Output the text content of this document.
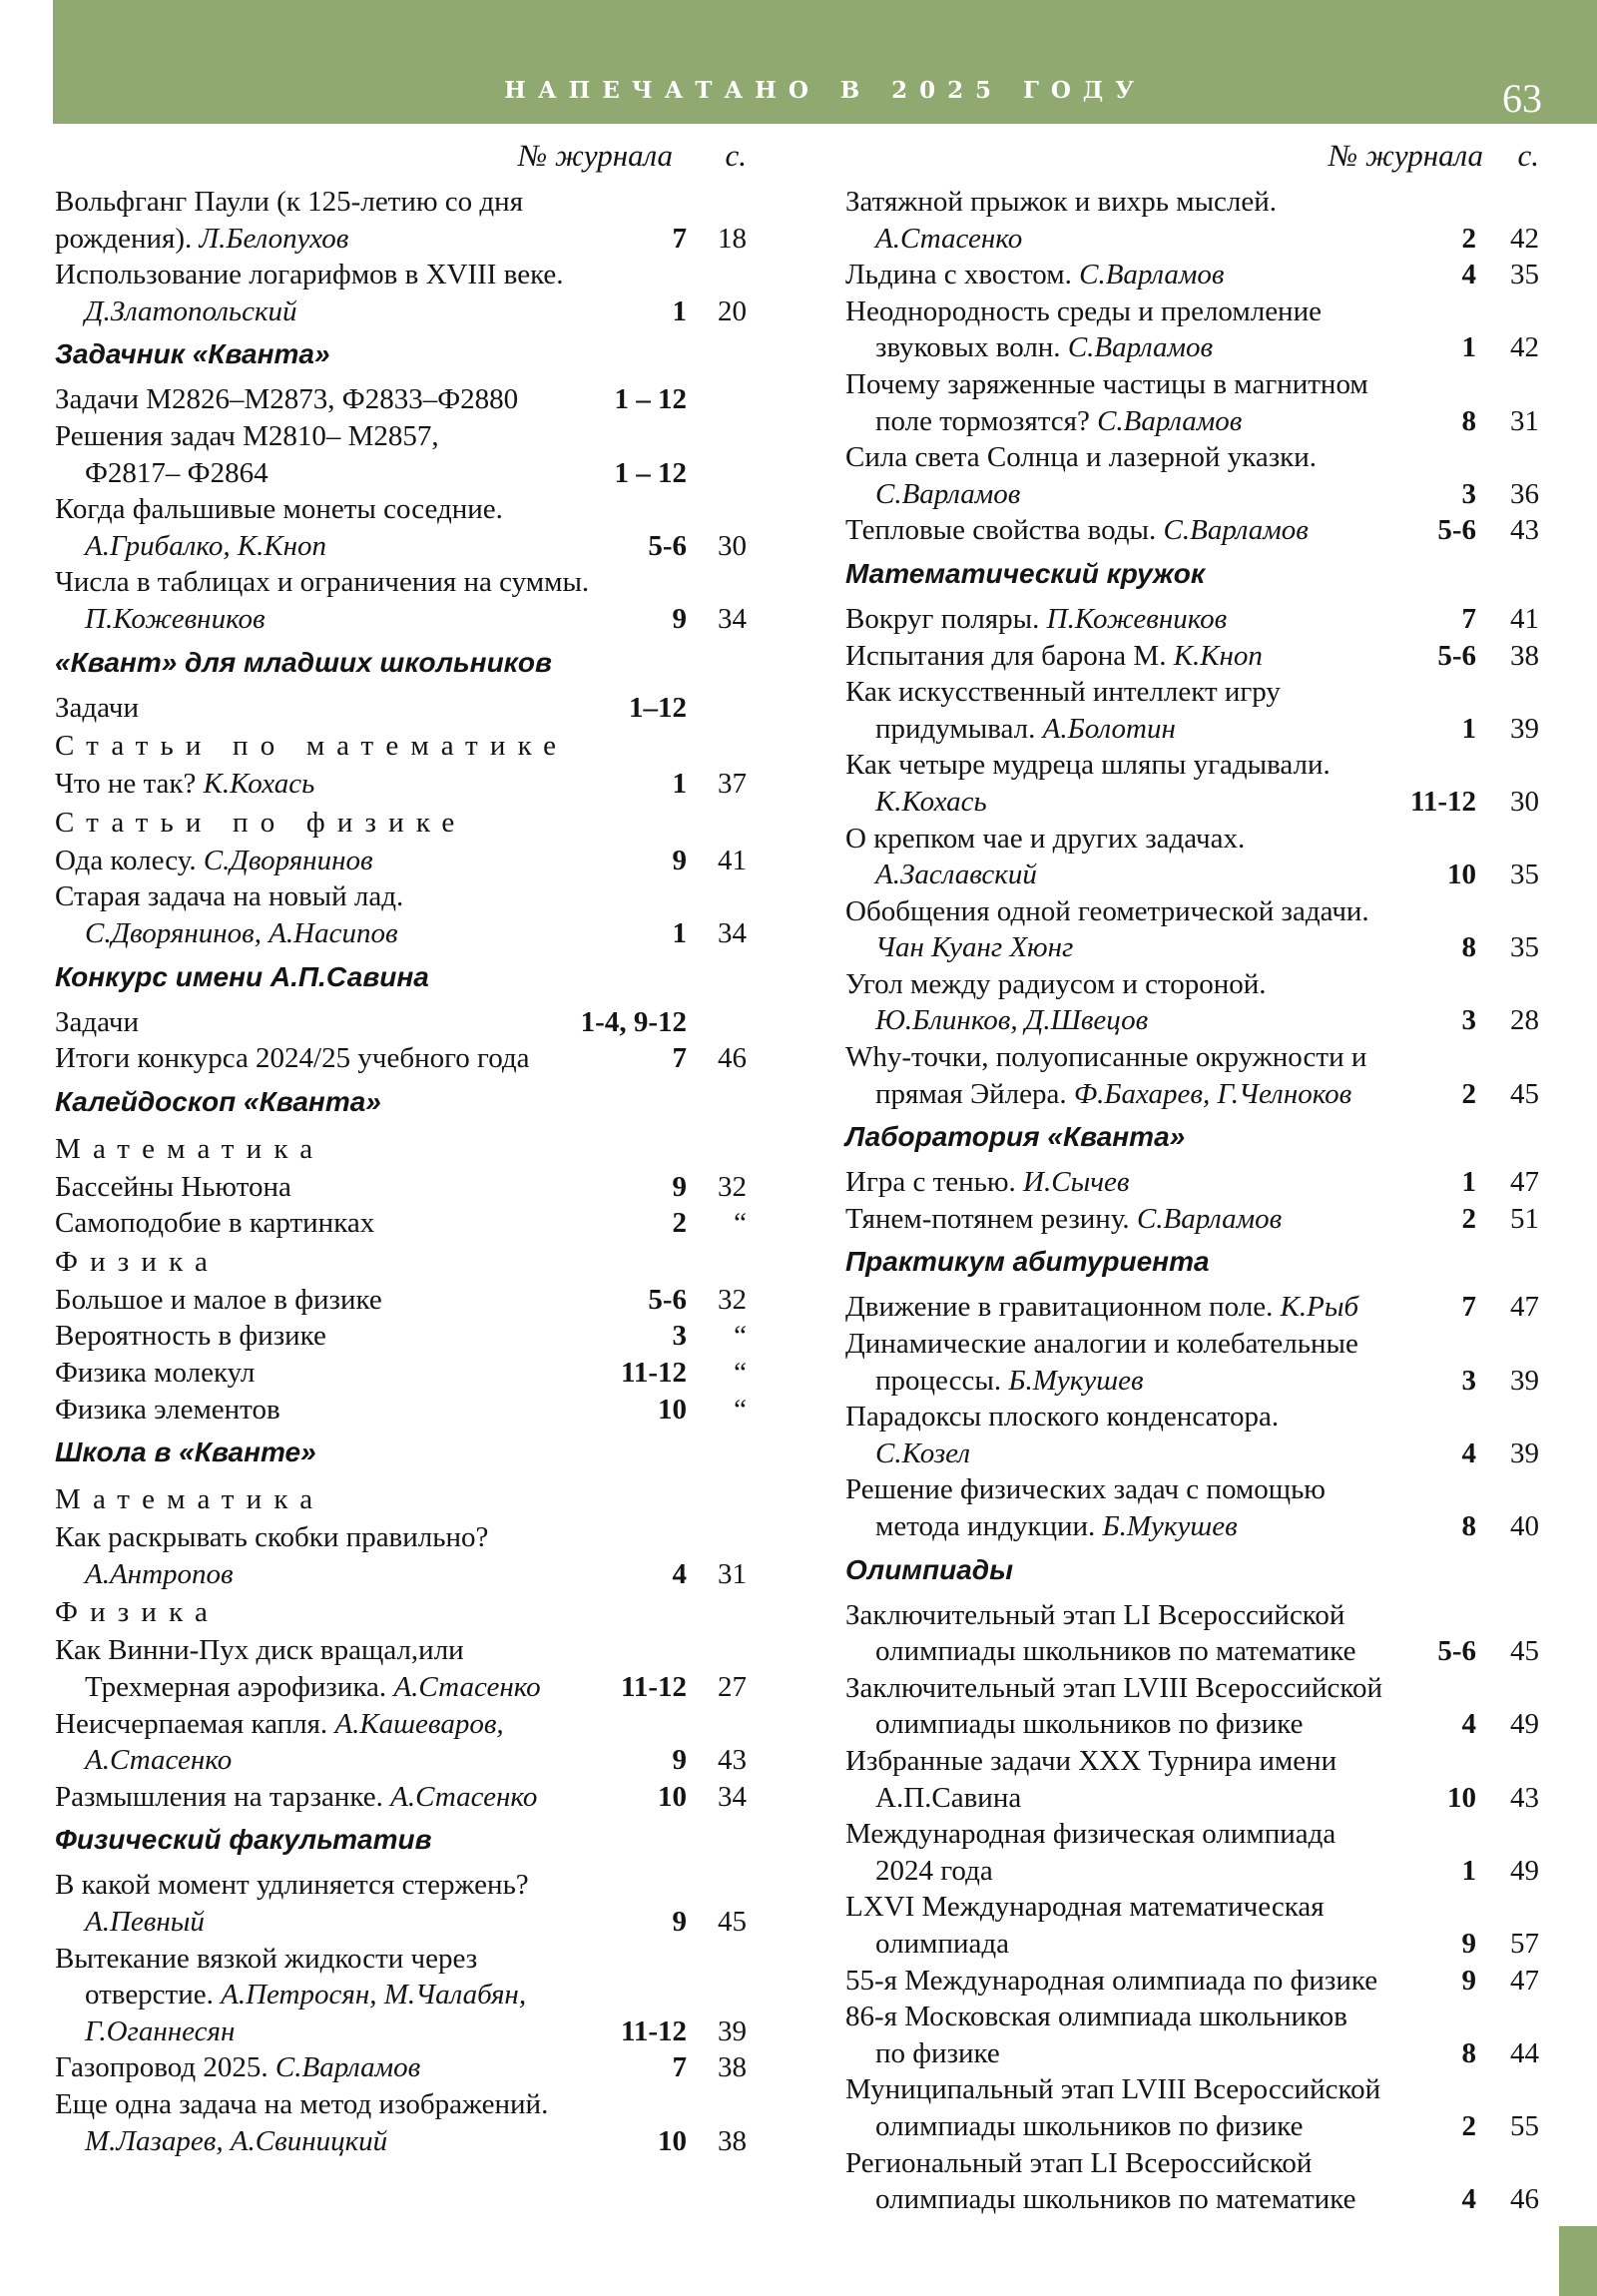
НАПЕЧАТАНО В 2025 ГОДУ	63
№ журнала с.
Вольфганг Паули (к 125-летию со дня
рождения). Л.Белопухов	7	18
Использование логарифмов в XVIII веке.
Д.Златопольский	1	20
Задачник «Кванта»
Задачи М2826–М2873, Ф2833–Ф2880	1 – 12
Решения задач М2810– М2857,
Ф2817– Ф2864	1 – 12
Когда фальшивые монеты соседние.
А.Грибалко, К.Кноп	5-6	30
Числа в таблицах и ограничения на суммы.
П.Кожевников	9	34
«Квант» для младших школьников
Задачи	1–12
Статьи по математике
Что не так? К.Кохась	1	37
Статьи по физике
Ода колесу. С.Дворянинов	9	41
Старая задача на новый лад.
С.Дворянинов, А.Насипов	1	34
Конкурс имени А.П.Савина
Задачи	1-4, 9-12
Итоги конкурса 2024/25 учебного года	7	46
Калейдоскоп «Кванта»
Математика
Бассейны Ньютона	9	32
Самоподобие в картинках	2	“
Физика
Большое и малое в физике	5-6	32
Вероятность в физике	3	“
Физика молекул	11-12	“
Физика элементов	10	“
Школа в «Кванте»
Математика
Как раскрывать скобки правильно?
А.Антропов	4	31
Физика
Как Винни-Пух диск вращал,или
Трехмерная аэрофизика. А.Стасенко	11-12	27
Неисчерпаемая капля. А.Кашеваров,
А.Стасенко	9	43
Размышления на тарзанке. А.Стасенко	10	34
Физический факультатив
В какой момент удлиняется стержень?
А.Певный	9	45
Вытекание вязкой жидкости через
отверстие. А.Петросян, М.Чалабян,
Г.Оганнесян	11-12	39
Газопровод 2025. С.Варламов	7	38
Еще одна задача на метод изображений.
М.Лазарев, А.Свиницкий	10	38
№ журнала с.
Затяжной прыжок и вихрь мыслей.
А.Стасенко	2	42
Льдина с хвостом. С.Варламов	4	35
Неоднородность среды и преломление
звуковых волн. С.Варламов	1	42
Почему заряженные частицы в магнитном
поле тормозятся? С.Варламов	8	31
Сила света Солнца и лазерной указки.
С.Варламов	3	36
Тепловые свойства воды. С.Варламов	5-6	43
Математический кружок
Вокруг поляры. П.Кожевников	7	41
Испытания для барона М. К.Кноп	5-6	38
Как искусственный интеллект игру
придумывал. А.Болотин	1	39
Как четыре мудреца шляпы угадывали.
К.Кохась	11-12	30
О крепком чае и других задачах.
А.Заславский	10	35
Обобщения одной геометрической задачи.
Чан Куанг Хюнг	8	35
Угол между радиусом и стороной.
Ю.Блинков, Д.Швецов	3	28
Why-точки, полуописанные окружности и
прямая Эйлера. Ф.Бахарев, Г.Челноков	2	45
Лаборатория «Кванта»
Игра с тенью. И.Сычев	1	47
Тянем-потянем резину. С.Варламов	2	51
Практикум абитуриента
Движение в гравитационном поле. К.Рыб	7	47
Динамические аналогии и колебательные
процессы. Б.Мукушев	3	39
Парадоксы плоского конденсатора.
С.Козел	4	39
Решение физических задач с помощью
метода индукции. Б.Мукушев	8	40
Олимпиады
Заключительный этап LI Всероссийской
олимпиады школьников по математике	5-6	45
Заключительный этап LVIII Всероссийской
олимпиады школьников по физике	4	49
Избранные задачи XXX Турнира имени
А.П.Савина	10	43
Международная физическая олимпиада
2024 года	1	49
LXVI Международная математическая
олимпиада	9	57
55-я Международная олимпиада по физике	9	47
86-я Московская олимпиада школьников
по физике	8	44
Муниципальный этап LVIII Всероссийской
олимпиады школьников по физике	2	55
Региональный этап LI Всероссийской
олимпиады школьников по математике	4	46
